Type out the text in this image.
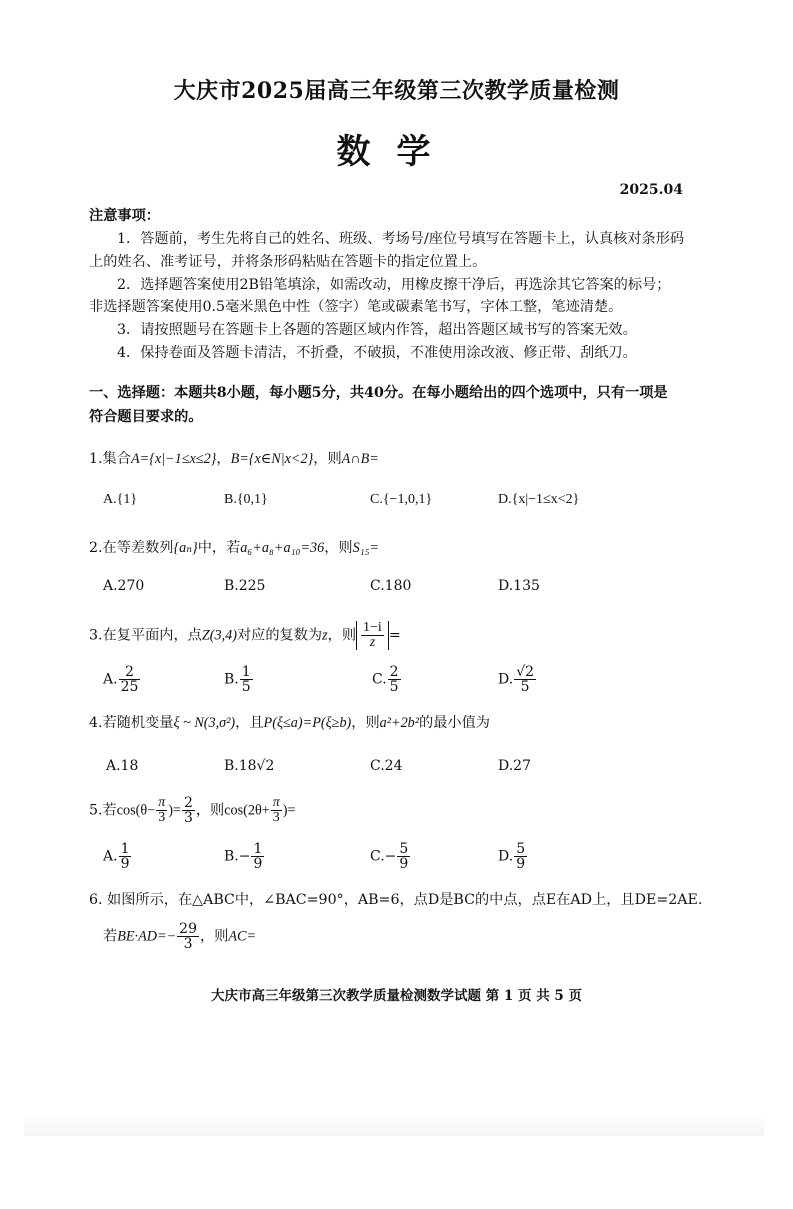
大庆市2025届高三年级第三次教学质量检测
数学
2025.04
注意事项：
1．答题前，考生先将自己的姓名、班级、考场号/座位号填写在答题卡上，认真核对条形码
上的姓名、准考证号，并将条形码粘贴在答题卡的指定位置上。
2．选择题答案使用2B铅笔填涂，如需改动，用橡皮擦干净后，再选涂其它答案的标号；
非选择题答案使用0.5毫米黑色中性（签字）笔或碳素笔书写，字体工整，笔迹清楚。
3．请按照题号在答题卡上各题的答题区域内作答，超出答题区域书写的答案无效。
4．保持卷面及答题卡清洁，不折叠，不破损，不准使用涂改液、修正带、刮纸刀。
一、选择题：本题共8小题，每小题5分，共40分。在每小题给出的四个选项中，只有一项是
符合题目要求的。
1.集合A={x|−1≤x≤2}，B={x∈N|x<2}，则A∩B=
A.{1}	B.{0,1}	C.{−1,0,1}	D.{x|−1≤x<2}
2.在等差数列{aₙ}中，若a₆+a₈+a₁₀=36，则S₁₅=
A.270	B.225	C.180	D.135
3.在复平面内，点Z(3,4)对应的复数为z，则 $\frac{1-i}{z}$ =
A. $\frac{2}{25}$	B. $\frac{1}{5}$	C. $\frac{2}{5}$	D. $\frac{√2}{5}$
4.若随机变量ξ ~ N(3,σ²)，且P(ξ≤a)=P(ξ≥b)，则a²+2b²的最小值为
A.18	B.18√2	C.24	D.27
5.若$\cos(\theta- \frac{\pi}{3}$ )= $\frac{2}{3}$ ，则$\cos(2\theta+ \frac{\pi}{3}$ )=
A. $\frac{1}{9}$	$B.- \frac{1}{9}$	$C.- \frac{5}{9}$	D. $\frac{5}{9}$
6. 如图所示，在△ABC中，∠BAC=90°，AB=6，点D是BC的中点，点E在AD上，且DE=2AE.
若$BE\cdot AD=- \frac{29}{3}$ ，则AC=
大庆市高三年级第三次教学质量检测数学试题 第 1 页 共 5 页
